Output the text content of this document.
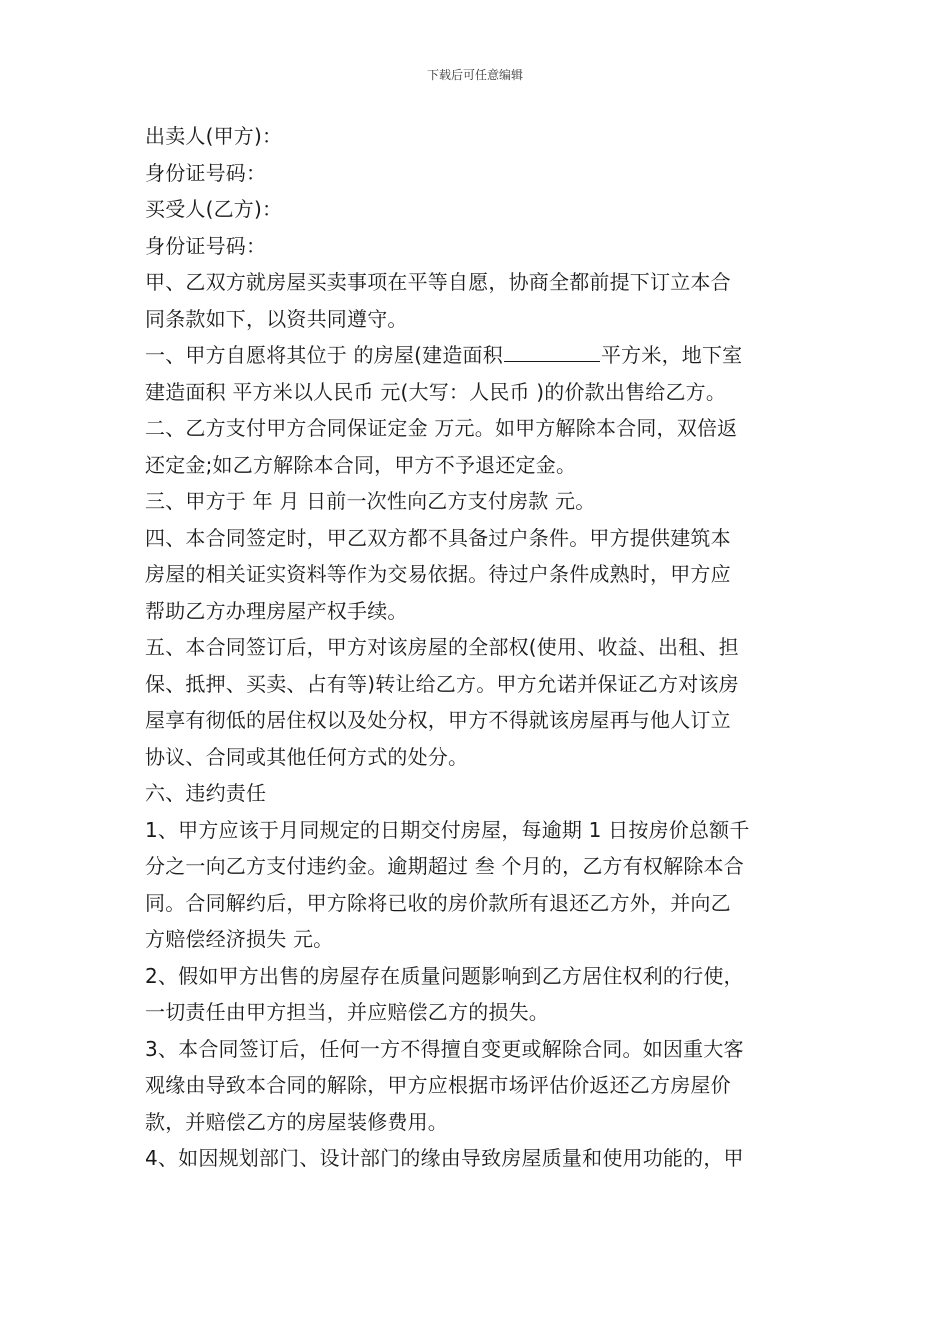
下载后可任意编辑
出卖人(甲方)：
身份证号码：
买受人(乙方)：
身份证号码：
甲、乙双方就房屋买卖事项在平等自愿，协商全都前提下订立本合
同条款如下，以资共同遵守。
一、甲方自愿将其位于 的房屋(建造面积	平方米，地下室
建造面积 平方米以人民币 元(大写：人民币 )的价款出售给乙方。
二、乙方支付甲方合同保证定金 万元。如甲方解除本合同，双倍返
还定金;如乙方解除本合同，甲方不予退还定金。
三、甲方于 年 月 日前一次性向乙方支付房款 元。
四、本合同签定时，甲乙双方都不具备过户条件。甲方提供建筑本
房屋的相关证实资料等作为交易依据。待过户条件成熟时，甲方应
帮助乙方办理房屋产权手续。
五、本合同签订后，甲方对该房屋的全部权(使用、收益、出租、担
保、抵押、买卖、占有等)转让给乙方。甲方允诺并保证乙方对该房
屋享有彻低的居住权以及处分权，甲方不得就该房屋再与他人订立
协议、合同或其他任何方式的处分。
六、违约责任
1、甲方应该于月同规定的日期交付房屋，每逾期 1 日按房价总额千
分之一向乙方支付违约金。逾期超过 叁 个月的，乙方有权解除本合
同。合同解约后，甲方除将已收的房价款所有退还乙方外，并向乙
方赔偿经济损失 元。
2、假如甲方出售的房屋存在质量问题影响到乙方居住权利的行使，
一切责任由甲方担当，并应赔偿乙方的损失。
3、本合同签订后，任何一方不得擅自变更或解除合同。如因重大客
观缘由导致本合同的解除，甲方应根据市场评估价返还乙方房屋价
款，并赔偿乙方的房屋装修费用。
4、如因规划部门、设计部门的缘由导致房屋质量和使用功能的，甲
